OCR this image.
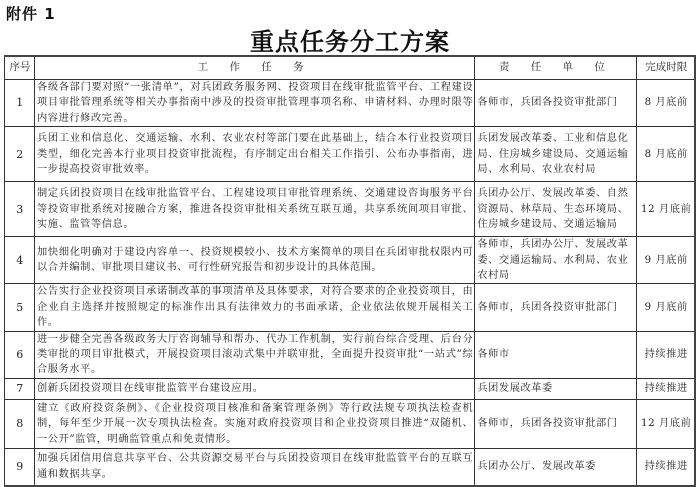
附件 1
重点任务分工方案
序号	工 作 任 务	责 任 单 位	完成时限
1	各级各部门要对照“一张清单”，对兵团政务服务网、投资项目在线审批监管平台、工程建设项目审批管理系统等相关办事指南中涉及的投资审批管理事项名称、申请材料、办理时限等内容进行修改完善。	各师市，兵团各投资审批部门	8 月底前
2	兵团工业和信息化、交通运输、水利、农业农村等部门要在此基础上，结合本行业投资项目类型，细化完善本行业项目投资审批流程，有序制定出台相关工作指引、公布办事指南，进一步提高投资审批效率。	兵团发展改革委、工业和信息化局、住房城乡建设局、交通运输局、水利局、农业农村局	8 月底前
3	制定兵团投资项目在线审批监管平台、工程建设项目审批管理系统、交通建设咨询服务平台等投资审批系统对接融合方案，推进各投资审批相关系统互联互通，共享系统间项目审批、实施、监管等信息。	兵团办公厅、发展改革委、自然资源局、林草局、生态环境局、住房城乡建设局、交通运输局	12 月底前
4	加快细化明确对于建设内容单一、投资规模较小、技术方案简单的项目在兵团审批权限内可以合并编制、审批项目建议书、可行性研究报告和初步设计的具体范围。	各师市，兵团办公厅、发展改革委、交通运输局、水利局、农业农村局	9 月底前
5	公告实行企业投资项目承诺制改革的事项清单及具体要求，对符合要求的企业投资项目，由企业自主选择并按照规定的标准作出具有法律效力的书面承诺，企业依法依规开展相关工作。	各师市，兵团各投资审批部门	9 月底前
6	进一步健全完善各级政务大厅咨询辅导和帮办、代办工作机制，实行前台综合受理、后台分类审批的项目审批模式，开展投资项目滚动式集中并联审批，全面提升投资审批“一站式”综合服务水平。	各师市	持续推进
7	创新兵团投资项目在线审批监管平台建设应用。	兵团发展改革委	持续推进
8	建立《政府投资条例》、《企业投资项目核准和备案管理条例》等行政法规专项执法检查机制，每年至少开展一次专项执法检查。实施对政府投资项目和企业投资项目推进“双随机、一公开”监管，明确监管重点和免责情形。	各师市，兵团各投资审批部门	12 月底前
9	加强兵团信用信息共享平台、公共资源交易平台与兵团投资项目在线审批监管平台的互联互通和数据共享。	兵团办公厅、发展改革委	持续推进
